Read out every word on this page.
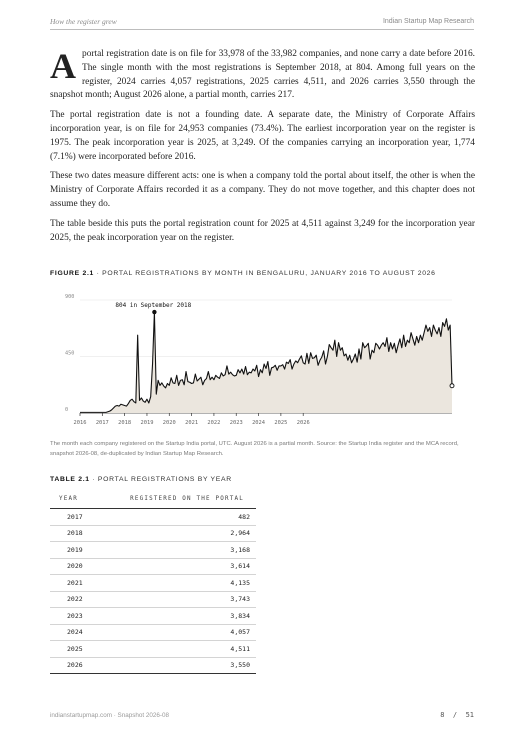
How the register grew	Indian Startup Map Research

Aportal registration date is on file for 33,978 of the 33,982 companies, and none carry a date before 2016. The single month with the most registrations is September 2018, at 804. Among full years on the register, 2024 carries 4,057 registrations, 2025 carries 4,511, and 2026 carries 3,550 through the snapshot month; August 2026 alone, a partial month, carries 217.

The portal registration date is not a founding date. A separate date, the Ministry of Corporate Affairs incorporation year, is on file for 24,953 companies (73.4%). The earliest incorporation year on the register is 1975. The peak incorporation year is 2025, at 3,249. Of the companies carrying an incorporation year, 1,774 (7.1%) were incorporated before 2016.

These two dates measure different acts: one is when a company told the portal about itself, the other is when the Ministry of Corporate Affairs recorded it as a company. They do not move together, and this chapter does not assume they do.

The table beside this puts the portal registration count for 2025 at 4,511 against 3,249 for the incorporation year 2025, the peak incorporation year on the register.

FIGURE 2.1 · PORTAL REGISTRATIONS BY MONTH IN BENGALURU, JANUARY 2016 TO AUGUST 2026
0
450
900
2016 2017 2018 2019 2020 2021 2022 2023 2024 2025 2026
804 in September 2018
The month each company registered on the Startup India portal, UTC. August 2026 is a partial month. Source: the Startup India register and the MCA record, snapshot 2026-08, de-duplicated by Indian Startup Map Research.
TABLE 2.1 · PORTAL REGISTRATIONS BY YEAR
YEAR	REGISTERED ON THE PORTAL
2017	482
2018	2,964
2019	3,168
2020	3,614
2021	4,135
2022	3,743
2023	3,834
2024	4,057
2025	4,511
2026	3,550
indianstartupmap.com · Snapshot 2026-08	8 / 51
